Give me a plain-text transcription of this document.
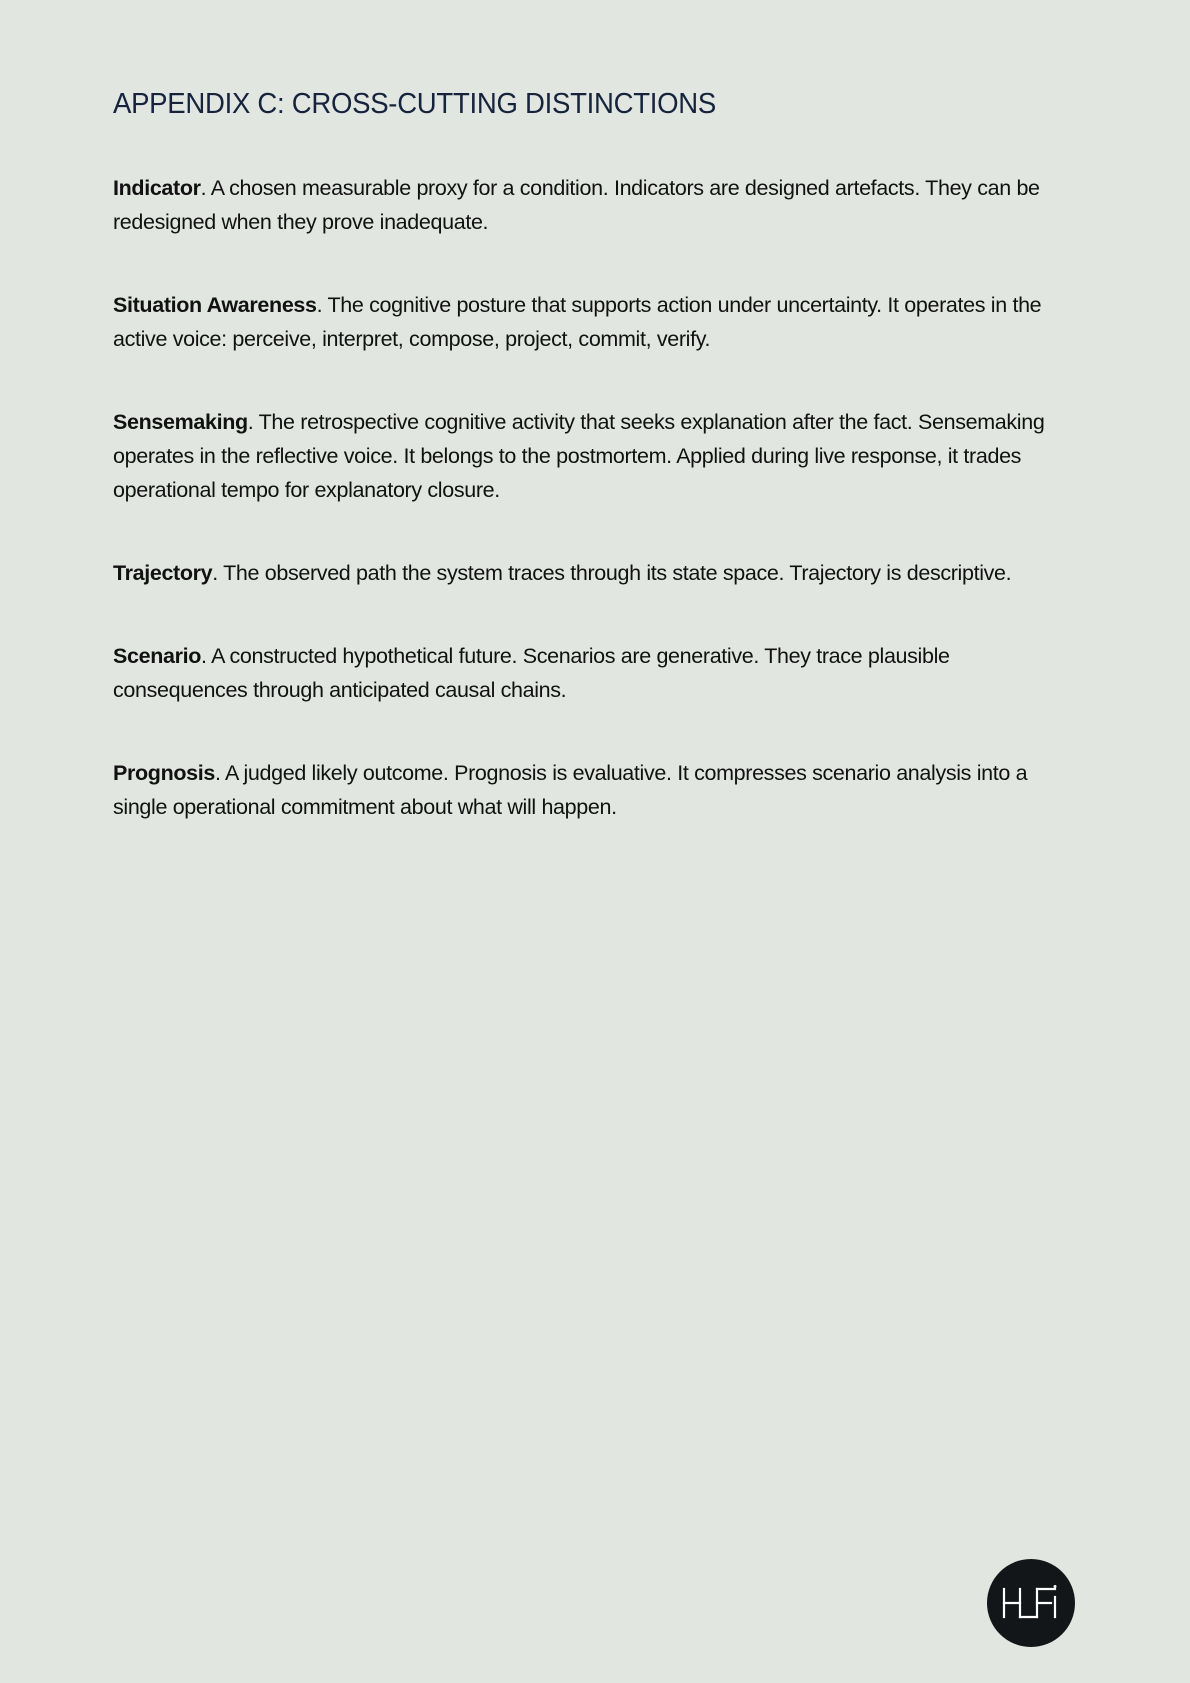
APPENDIX C: CROSS-CUTTING DISTINCTIONS

Indicator. A chosen measurable proxy for a condition. Indicators are designed artefacts. They can be redesigned when they prove inadequate.

Situation Awareness. The cognitive posture that supports action under uncertainty. It operates in the active voice: perceive, interpret, compose, project, commit, verify.

Sensemaking. The retrospective cognitive activity that seeks explanation after the fact. Sensemaking operates in the reflective voice. It belongs to the postmortem. Applied during live response, it trades operational tempo for explanatory closure.

Trajectory. The observed path the system traces through its state space. Trajectory is descriptive.

Scenario. A constructed hypothetical future. Scenarios are generative. They trace plausible consequences through anticipated causal chains.

Prognosis. A judged likely outcome. Prognosis is evaluative. It compresses scenario analysis into a single operational commitment about what will happen.
